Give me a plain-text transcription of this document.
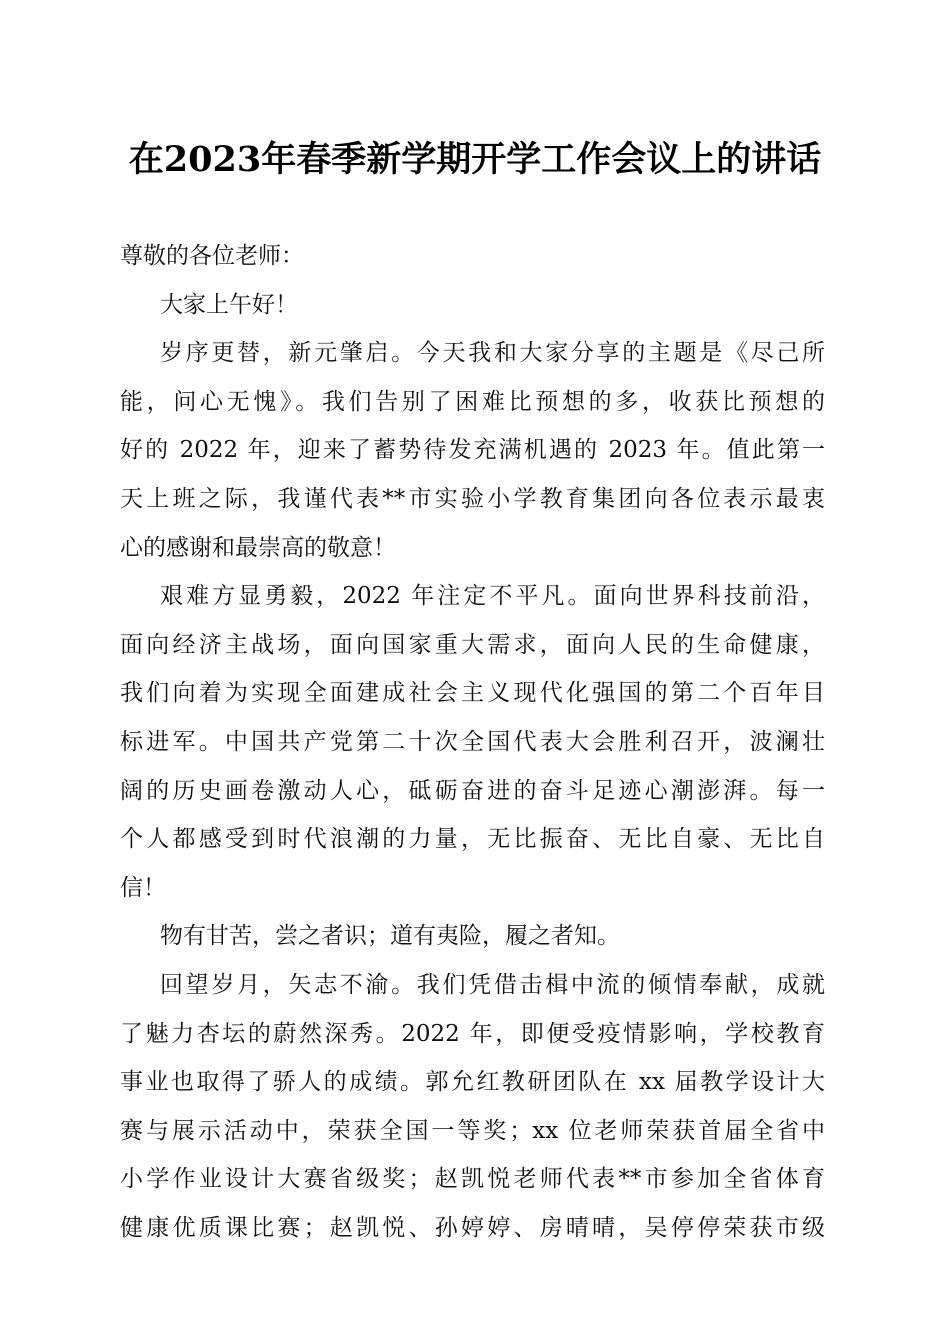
在2023年春季新学期开学工作会议上的讲话
尊敬的各位老师：
大家上午好！
岁序更替，新元肇启。今天我和大家分享的主题是《尽己所
能，问心无愧》。我们告别了困难比预想的多，收获比预想的
好的 2022 年，迎来了蓄势待发充满机遇的 2023 年。值此第一
天上班之际，我谨代表**市实验小学教育集团向各位表示最衷
心的感谢和最崇高的敬意！
艰难方显勇毅，2022 年注定不平凡。面向世界科技前沿，
面向经济主战场，面向国家重大需求，面向人民的生命健康，
我们向着为实现全面建成社会主义现代化强国的第二个百年目
标进军。中国共产党第二十次全国代表大会胜利召开，波澜壮
阔的历史画卷激动人心，砥砺奋进的奋斗足迹心潮澎湃。每一
个人都感受到时代浪潮的力量，无比振奋、无比自豪、无比自
信！
物有甘苦，尝之者识；道有夷险，履之者知。
回望岁月，矢志不渝。我们凭借击楫中流的倾情奉献，成就
了魅力杏坛的蔚然深秀。2022 年，即便受疫情影响，学校教育
事业也取得了骄人的成绩。郭允红教研团队在 xx 届教学设计大
赛与展示活动中，荣获全国一等奖；xx 位老师荣获首届全省中
小学作业设计大赛省级奖；赵凯悦老师代表**市参加全省体育
健康优质课比赛；赵凯悦、孙婷婷、房晴晴，吴停停荣获市级
